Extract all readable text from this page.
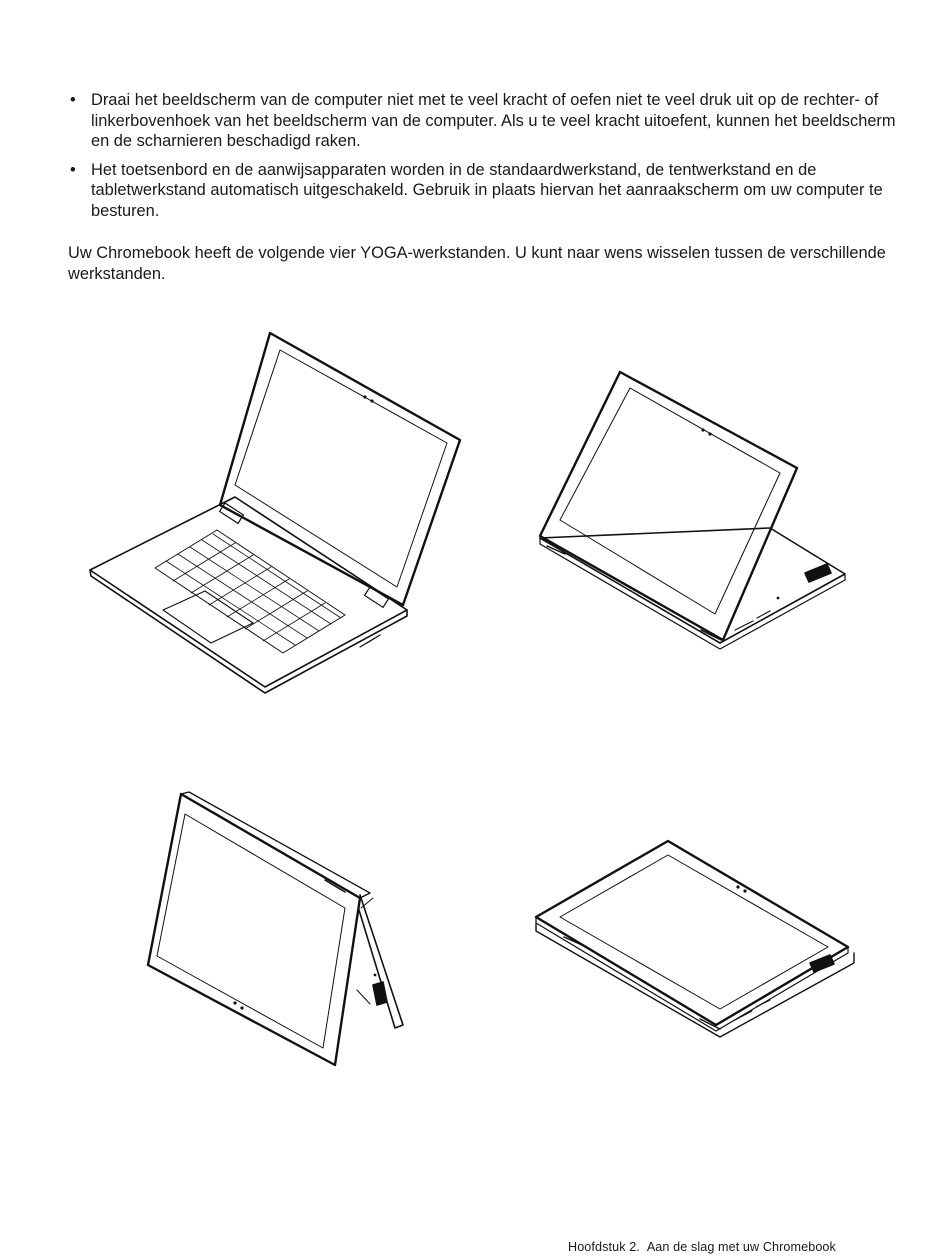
• Draai het beeldscherm van de computer niet met te veel kracht of oefen niet te veel druk uit op de rechter- of linkerbovenhoek van het beeldscherm van de computer. Als u te veel kracht uitoefent, kunnen het beeldscherm en de scharnieren beschadigd raken.
• Het toetsenbord en de aanwijsapparaten worden in de standaardwerkstand, de tentwerkstand en de tabletwerkstand automatisch uitgeschakeld. Gebruik in plaats hiervan het aanraakscherm om uw computer te besturen.

Uw Chromebook heeft de volgende vier YOGA-werkstanden. U kunt naar wens wisselen tussen de verschillende werkstanden.

Hoofdstuk 2. Aan de slag met uw Chromebook
